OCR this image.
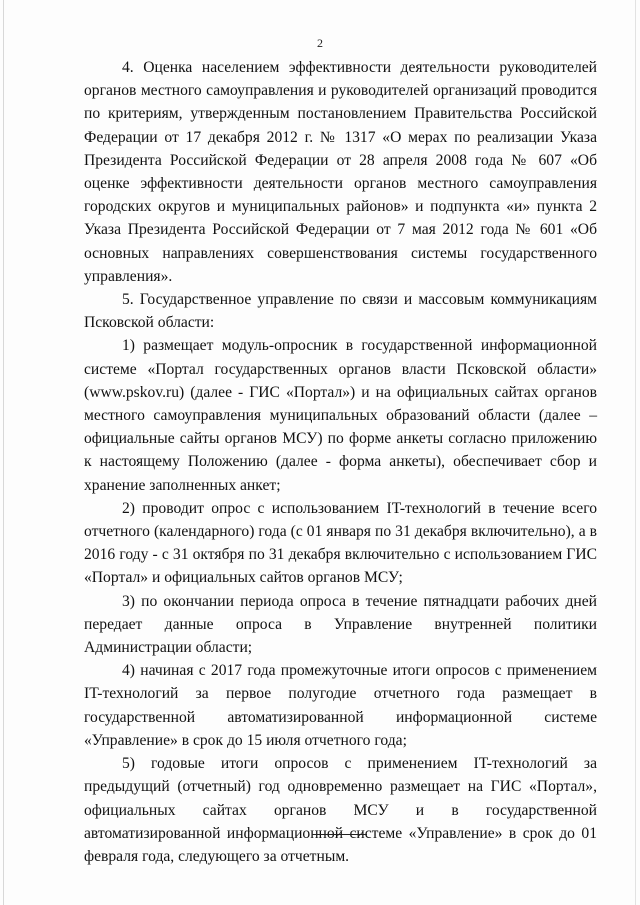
2

4. Оценка населением эффективности деятельности руководителей органов местного самоуправления и руководителей организаций проводится по критериям, утвержденным постановлением Правительства Российской Федерации от 17 декабря 2012 г. № 1317 «О мерах по реализации Указа Президента Российской Федерации от 28 апреля 2008 года № 607 «Об оценке эффективности деятельности органов местного самоуправления городских округов и муниципальных районов» и подпункта «и» пункта 2 Указа Президента Российской Федерации от 7 мая 2012 года № 601 «Об основных направлениях совершенствования системы государственного управления».

5. Государственное управление по связи и массовым коммуникациям Псковской области:

1) размещает модуль-опросник в государственной информационной системе «Портал государственных органов власти Псковской области» (www.pskov.ru) (далее - ГИС «Портал») и на официальных сайтах органов местного самоуправления муниципальных образований области (далее – официальные сайты органов МСУ) по форме анкеты согласно приложению к настоящему Положению (далее - форма анкеты), обеспечивает сбор и хранение заполненных анкет;

2) проводит опрос с использованием IT-технологий в течение всего отчетного (календарного) года (с 01 января по 31 декабря включительно), а в 2016 году - с 31 октября по 31 декабря включительно с использованием ГИС «Портал» и официальных сайтов органов МСУ;

3) по окончании периода опроса в течение пятнадцати рабочих дней передает данные опроса в Управление внутренней политики Администрации области;

4) начиная с 2017 года промежуточные итоги опросов с применением IT-технологий за первое полугодие отчетного года размещает в государственной автоматизированной информационной системе «Управление» в срок до 15 июля отчетного года;

5) годовые итоги опросов с применением IT-технологий за предыдущий (отчетный) год одновременно размещает на ГИС «Портал», официальных сайтах органов МСУ и в государственной автоматизированной информационной системе «Управление» в срок до 01 февраля года, следующего за отчетным.
